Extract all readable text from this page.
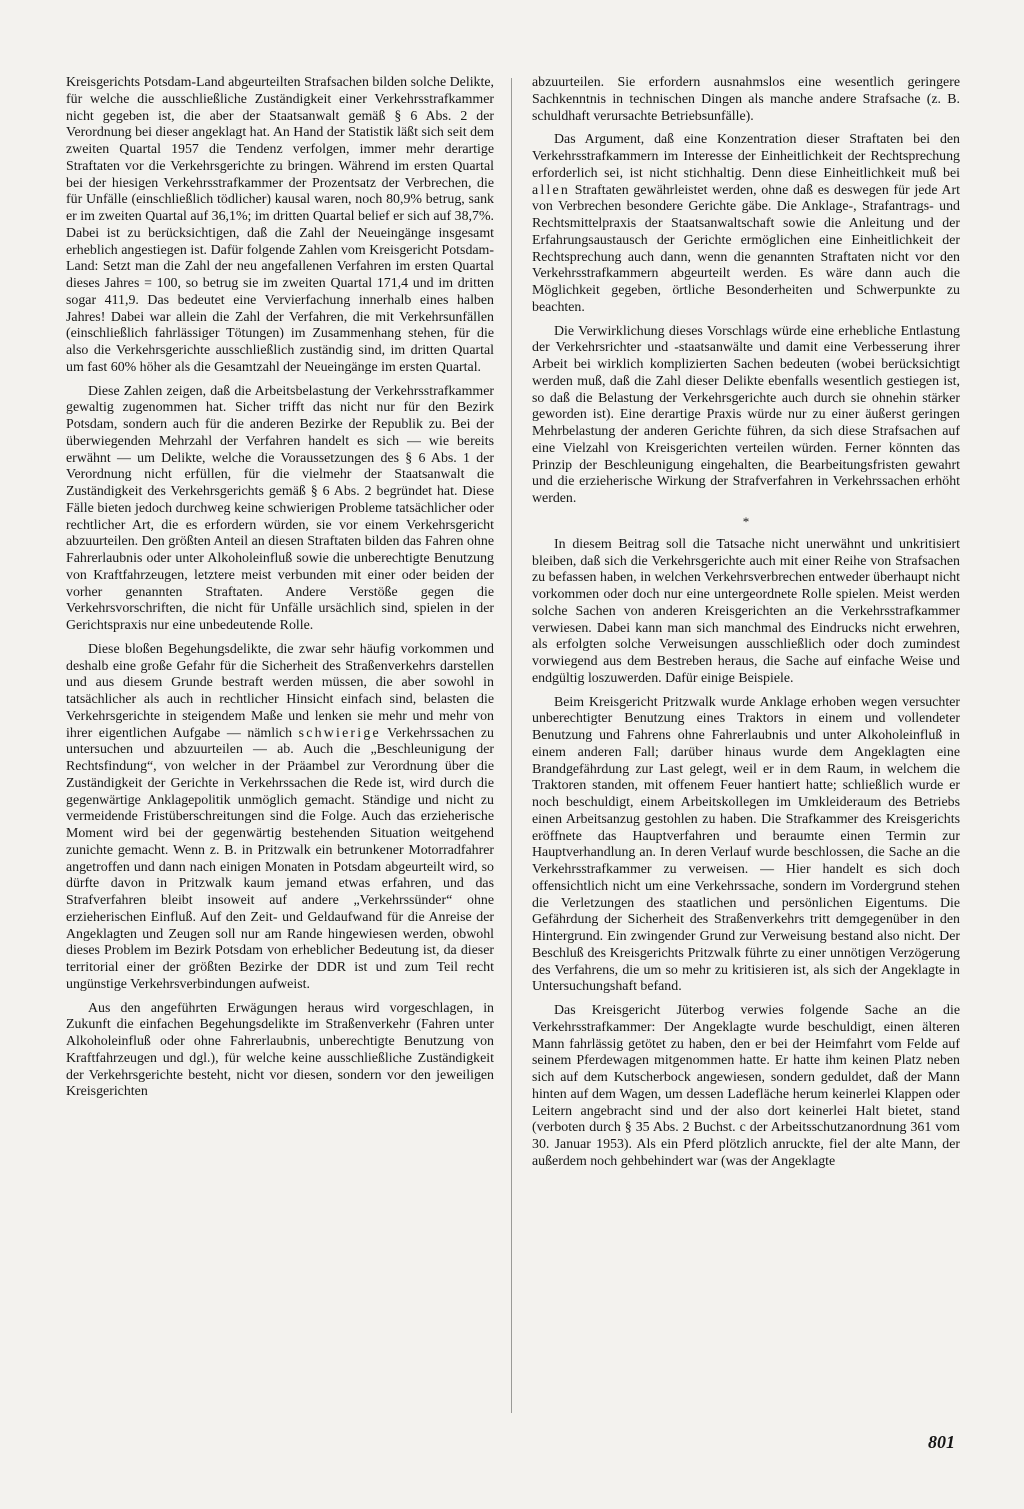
Kreisgerichts Potsdam-Land abgeurteilten Strafsachen bilden solche Delikte, für welche die ausschließliche Zuständigkeit einer Verkehrsstrafkammer nicht gegeben ist, die aber der Staatsanwalt gemäß § 6 Abs. 2 der Verordnung bei dieser angeklagt hat. An Hand der Statistik läßt sich seit dem zweiten Quartal 1957 die Tendenz verfolgen, immer mehr derartige Straftaten vor die Verkehrsgerichte zu bringen. Während im ersten Quartal bei der hiesigen Verkehrsstrafkammer der Prozentsatz der Verbrechen, die für Unfälle (einschließlich tödlicher) kausal waren, noch 80,9% betrug, sank er im zweiten Quartal auf 36,1%; im dritten Quartal belief er sich auf 38,7%. Dabei ist zu berücksichtigen, daß die Zahl der Neueingänge insgesamt erheblich angestiegen ist. Dafür folgende Zahlen vom Kreisgericht Potsdam-Land: Setzt man die Zahl der neu angefallenen Verfahren im ersten Quartal dieses Jahres = 100, so betrug sie im zweiten Quartal 171,4 und im dritten sogar 411,9. Das bedeutet eine Vervierfachung innerhalb eines halben Jahres! Dabei war allein die Zahl der Verfahren, die mit Verkehrsunfällen (einschließlich fahrlässiger Tötungen) im Zusammenhang stehen, für die also die Verkehrsgerichte ausschließlich zuständig sind, im dritten Quartal um fast 60% höher als die Gesamtzahl der Neueingänge im ersten Quartal.

Diese Zahlen zeigen, daß die Arbeitsbelastung der Verkehrsstrafkammer gewaltig zugenommen hat. Sicher trifft das nicht nur für den Bezirk Potsdam, sondern auch für die anderen Bezirke der Republik zu. Bei der überwiegenden Mehrzahl der Verfahren handelt es sich — wie bereits erwähnt — um Delikte, welche die Voraussetzungen des § 6 Abs. 1 der Verordnung nicht erfüllen, für die vielmehr der Staatsanwalt die Zuständigkeit des Verkehrsgerichts gemäß § 6 Abs. 2 begründet hat. Diese Fälle bieten jedoch durchweg keine schwierigen Probleme tatsächlicher oder rechtlicher Art, die es erfordern würden, sie vor einem Verkehrsgericht abzuurteilen. Den größten Anteil an diesen Straftaten bilden das Fahren ohne Fahrerlaubnis oder unter Alkoholeinfluß sowie die unberechtigte Benutzung von Kraftfahrzeugen, letztere meist verbunden mit einer oder beiden der vorher genannten Straftaten. Andere Verstöße gegen die Verkehrsvorschriften, die nicht für Unfälle ursächlich sind, spielen in der Gerichtspraxis nur eine unbedeutende Rolle.

Diese bloßen Begehungsdelikte, die zwar sehr häufig vorkommen und deshalb eine große Gefahr für die Sicherheit des Straßenverkehrs darstellen und aus diesem Grunde bestraft werden müssen, die aber sowohl in tatsächlicher als auch in rechtlicher Hinsicht einfach sind, belasten die Verkehrsgerichte in steigendem Maße und lenken sie mehr und mehr von ihrer eigentlichen Aufgabe — nämlich schwierige Verkehrssachen zu untersuchen und abzuurteilen — ab. Auch die „Beschleunigung der Rechtsfindung“, von welcher in der Präambel zur Verordnung über die Zuständigkeit der Gerichte in Verkehrssachen die Rede ist, wird durch die gegenwärtige Anklagepolitik unmöglich gemacht. Ständige und nicht zu vermeidende Fristüberschreitungen sind die Folge. Auch das erzieherische Moment wird bei der gegenwärtig bestehenden Situation weitgehend zunichte gemacht. Wenn z. B. in Pritzwalk ein betrunkener Motorradfahrer angetroffen und dann nach einigen Monaten in Potsdam abgeurteilt wird, so dürfte davon in Pritzwalk kaum jemand etwas erfahren, und das Strafverfahren bleibt insoweit auf andere „Verkehrssünder“ ohne erzieherischen Einfluß. Auf den Zeit- und Geldaufwand für die Anreise der Angeklagten und Zeugen soll nur am Rande hingewiesen werden, obwohl dieses Problem im Bezirk Potsdam von erheblicher Bedeutung ist, da dieser territorial einer der größten Bezirke der DDR ist und zum Teil recht ungünstige Verkehrsverbindungen aufweist.

Aus den angeführten Erwägungen heraus wird vorgeschlagen, in Zukunft die einfachen Begehungsdelikte im Straßenverkehr (Fahren unter Alkoholeinfluß oder ohne Fahrerlaubnis, unberechtigte Benutzung von Kraftfahrzeugen und dgl.), für welche keine ausschließliche Zuständigkeit der Verkehrsgerichte besteht, nicht vor diesen, sondern vor den jeweiligen Kreisgerichten

abzuurteilen. Sie erfordern ausnahmslos eine wesentlich geringere Sachkenntnis in technischen Dingen als manche andere Strafsache (z. B. schuldhaft verursachte Betriebsunfälle).

Das Argument, daß eine Konzentration dieser Straftaten bei den Verkehrsstrafkammern im Interesse der Einheitlichkeit der Rechtsprechung erforderlich sei, ist nicht stichhaltig. Denn diese Einheitlichkeit muß bei allen Straftaten gewährleistet werden, ohne daß es deswegen für jede Art von Verbrechen besondere Gerichte gäbe. Die Anklage-, Strafantrags- und Rechtsmittelpraxis der Staatsanwaltschaft sowie die Anleitung und der Erfahrungsaustausch der Gerichte ermöglichen eine Einheitlichkeit der Rechtsprechung auch dann, wenn die genannten Straftaten nicht vor den Verkehrsstrafkammern abgeurteilt werden. Es wäre dann auch die Möglichkeit gegeben, örtliche Besonderheiten und Schwerpunkte zu beachten.

Die Verwirklichung dieses Vorschlags würde eine erhebliche Entlastung der Verkehrsrichter und -staatsanwälte und damit eine Verbesserung ihrer Arbeit bei wirklich komplizierten Sachen bedeuten (wobei berücksichtigt werden muß, daß die Zahl dieser Delikte ebenfalls wesentlich gestiegen ist, so daß die Belastung der Verkehrsgerichte auch durch sie ohnehin stärker geworden ist). Eine derartige Praxis würde nur zu einer äußerst geringen Mehrbelastung der anderen Gerichte führen, da sich diese Strafsachen auf eine Vielzahl von Kreisgerichten verteilen würden. Ferner könnten das Prinzip der Beschleunigung eingehalten, die Bearbeitungsfristen gewahrt und die erzieherische Wirkung der Strafverfahren in Verkehrssachen erhöht werden.

*

In diesem Beitrag soll die Tatsache nicht unerwähnt und unkritisiert bleiben, daß sich die Verkehrsgerichte auch mit einer Reihe von Strafsachen zu befassen haben, in welchen Verkehrsverbrechen entweder überhaupt nicht vorkommen oder doch nur eine untergeordnete Rolle spielen. Meist werden solche Sachen von anderen Kreisgerichten an die Verkehrsstrafkammer verwiesen. Dabei kann man sich manchmal des Eindrucks nicht erwehren, als erfolgten solche Verweisungen ausschließlich oder doch zumindest vorwiegend aus dem Bestreben heraus, die Sache auf einfache Weise und endgültig loszuwerden. Dafür einige Beispiele.

Beim Kreisgericht Pritzwalk wurde Anklage erhoben wegen versuchter unberechtigter Benutzung eines Traktors in einem und vollendeter Benutzung und Fahrens ohne Fahrerlaubnis und unter Alkoholeinfluß in einem anderen Fall; darüber hinaus wurde dem Angeklagten eine Brandgefährdung zur Last gelegt, weil er in dem Raum, in welchem die Traktoren standen, mit offenem Feuer hantiert hatte; schließlich wurde er noch beschuldigt, einem Arbeitskollegen im Umkleideraum des Betriebs einen Arbeitsanzug gestohlen zu haben. Die Strafkammer des Kreisgerichts eröffnete das Hauptverfahren und beraumte einen Termin zur Hauptverhandlung an. In deren Verlauf wurde beschlossen, die Sache an die Verkehrsstrafkammer zu verweisen. — Hier handelt es sich doch offensichtlich nicht um eine Verkehrssache, sondern im Vordergrund stehen die Verletzungen des staatlichen und persönlichen Eigentums. Die Gefährdung der Sicherheit des Straßenverkehrs tritt demgegenüber in den Hintergrund. Ein zwingender Grund zur Verweisung bestand also nicht. Der Beschluß des Kreisgerichts Pritzwalk führte zu einer unnötigen Verzögerung des Verfahrens, die um so mehr zu kritisieren ist, als sich der Angeklagte in Untersuchungshaft befand.

Das Kreisgericht Jüterbog verwies folgende Sache an die Verkehrsstrafkammer: Der Angeklagte wurde beschuldigt, einen älteren Mann fahrlässig getötet zu haben, den er bei der Heimfahrt vom Felde auf seinem Pferdewagen mitgenommen hatte. Er hatte ihm keinen Platz neben sich auf dem Kutscherbock angewiesen, sondern geduldet, daß der Mann hinten auf dem Wagen, um dessen Ladefläche herum keinerlei Klappen oder Leitern angebracht sind und der also dort keinerlei Halt bietet, stand (verboten durch § 35 Abs. 2 Buchst. c der Arbeitsschutzanordnung 361 vom 30. Januar 1953). Als ein Pferd plötzlich anruckte, fiel der alte Mann, der außerdem noch gehbehindert war (was der Angeklagte

801
